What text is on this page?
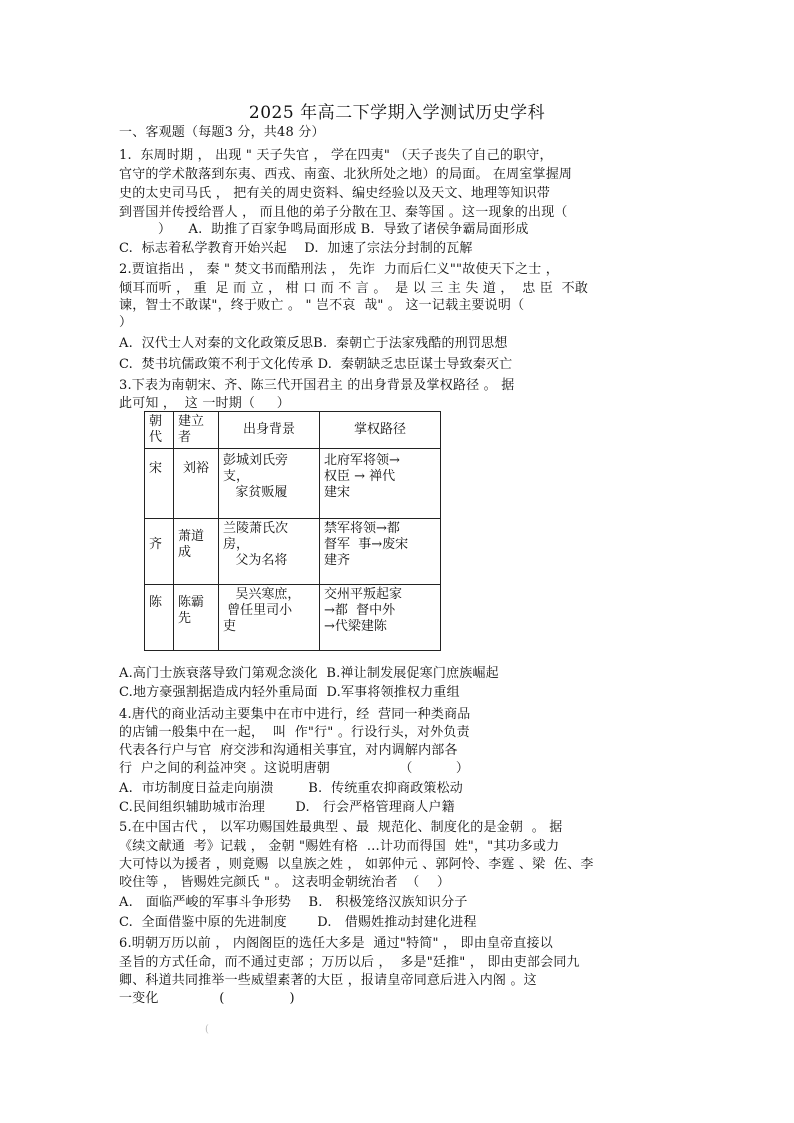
2025 年高二下学期入学测试历史学科
一、客观题（每题3 分，共48 分）
1.  东周时期 ， 出现 " 天子失官 ， 学在四夷" （天子丧失了自己的职守，
官守的学术散落到东夷、西戎、南蛮、北狄所处之地）的局面。 在周室掌握周
史的太史司马氏 ， 把有关的周史资料、编史经验以及天文、地理等知识带
到晋国并传授给晋人 ， 而且他的弟子分散在卫、秦等国 。这一现象的出现（
）    A.  助推了百家争鸣局面形成 B.  导致了诸侯争霸局面形成
C.  标志着私学教育开始兴起    D.  加速了宗法分封制的瓦解
2.贾谊指出 ， 秦 " 焚文书而酷刑法 ， 先诈  力而后仁义""故使天下之士 ，
倾耳而听 ， 重  足 而 立 ， 柑 口 而 不 言 。  是 以 三 主 失 道 ，  忠 臣  不敢
谏，智士不敢谋"，终于败亡 。 " 岂不哀  哉" 。 这一记载主要说明（
）
A.  汉代士人对秦的文化政策反思B.  秦朝亡于法家残酷的刑罚思想
C.  焚书坑儒政策不利于文化传承 D.  秦朝缺乏忠臣谋士导致秦灭亡
3.下表为南朝宋、齐、陈三代开国君主 的出身背景及掌权路径 。 据
此可知 ，  这 一时期（     ）
朝代	建立者	出身背景	掌权路径
宋	刘裕	彭城刘氏旁
支，
家贫贩履	北府军将领→
权臣 → 禅代
建宋

齐	萧道成	兰陵萧氏次
房，
父为名将	禁军将领→都
督军  事→废宋
建齐

陈	陈霸先	吴兴寒庶，
曾任里司小
吏	交州平叛起家
→都  督中外
→代梁建陈
A.高门士族衰落导致门第观念淡化  B.禅让制发展促寒门庶族崛起
C.地方豪强割据造成内轻外重局面  D.军事将领推权力重组
4.唐代的商业活动主要集中在市中进行，经  营同一种类商品
的店铺一般集中在一起，  叫  作"行" 。行设行头，对外负责
代表各行户与官  府交涉和沟通相关事宜，对内调解内部各
行  户之间的利益冲突 。这说明唐朝                （          ）
A.  市坊制度日益走向崩溃        B.  传统重农抑商政策松动
C.民间组织辅助城市治理       D.   行会严格管理商人户籍
5.在中国古代 ， 以军功赐国姓最典型 、最  规范化、制度化的是金朝  。 据
《续文献通  考》记载 ， 金朝 "赐姓有格  …计功而得国  姓"，"其功多或力
大可恃以为援者 ，则竟赐  以皇族之姓 ， 如郭仲元 、郭阿怜、李霆 、梁  佐、李
咬住等 ， 皆赐姓完颜氏 " 。 这表明金朝统治者  （    ）
A.   面临严峻的军事斗争形势    B.   积极笼络汉族知识分子
C.  全面借鉴中原的先进制度       D.   借赐姓推动封建化进程
6.明朝万历以前 ， 内阁阁臣的选任大多是  通过"特简" ， 即由皇帝直接以
圣旨的方式任命，而不通过吏部 ；万历以后 ，  多是"廷推" ， 即由吏部会同九
卿、科道共同推举一些威望素著的大臣 ，报请皇帝同意后进入内阁 。这
一变化              (               )
(
